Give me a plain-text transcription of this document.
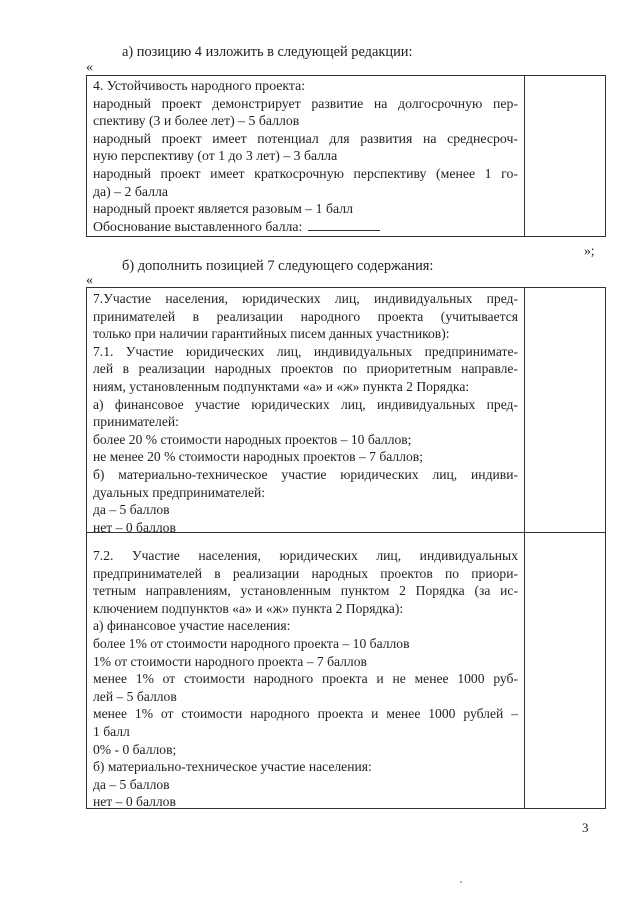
а) позицию 4 изложить в следующей редакции:
«
4. Устойчивость народного проекта:
народный проект демонстрирует развитие на долгосрочную пер-
спективу (3 и более лет) – 5 баллов
народный проект имеет потенциал для развития на среднесроч-
ную перспективу (от 1 до 3 лет) – 3 балла
народный проект имеет краткосрочную перспективу (менее 1 го-
да) – 2 балла
народный проект является разовым – 1 балл
Обоснование выставленного балла:
»;
б) дополнить позицией 7 следующего содержания:
«
7.Участие населения, юридических лиц, индивидуальных пред-
принимателей в реализации народного проекта (учитывается
только при наличии гарантийных писем данных участников):
7.1. Участие юридических лиц, индивидуальных предпринимате-
лей в реализации народных проектов по приоритетным направле-
ниям, установленным подпунктами «а» и «ж» пункта 2 Порядка:
а) финансовое участие юридических лиц, индивидуальных пред-
принимателей:
более 20 % стоимости народных проектов – 10 баллов;
не менее 20 % стоимости народных проектов – 7 баллов;
б) материально-техническое участие юридических лиц, индиви-
дуальных предпринимателей:
да – 5 баллов
нет – 0 баллов
7.2. Участие населения, юридических лиц, индивидуальных
предпринимателей в реализации народных проектов по приори-
тетным направлениям, установленным пунктом 2 Порядка (за ис-
ключением подпунктов «а» и «ж» пункта 2 Порядка):
а) финансовое участие населения:
более 1% от стоимости народного проекта – 10 баллов
1% от стоимости народного проекта – 7 баллов
менее 1% от стоимости народного проекта и не менее 1000 руб-
лей – 5 баллов
менее 1% от стоимости народного проекта и менее 1000 рублей –
1 балл
0% - 0 баллов;
б) материально-техническое участие населения:
да – 5 баллов
нет – 0 баллов
3
